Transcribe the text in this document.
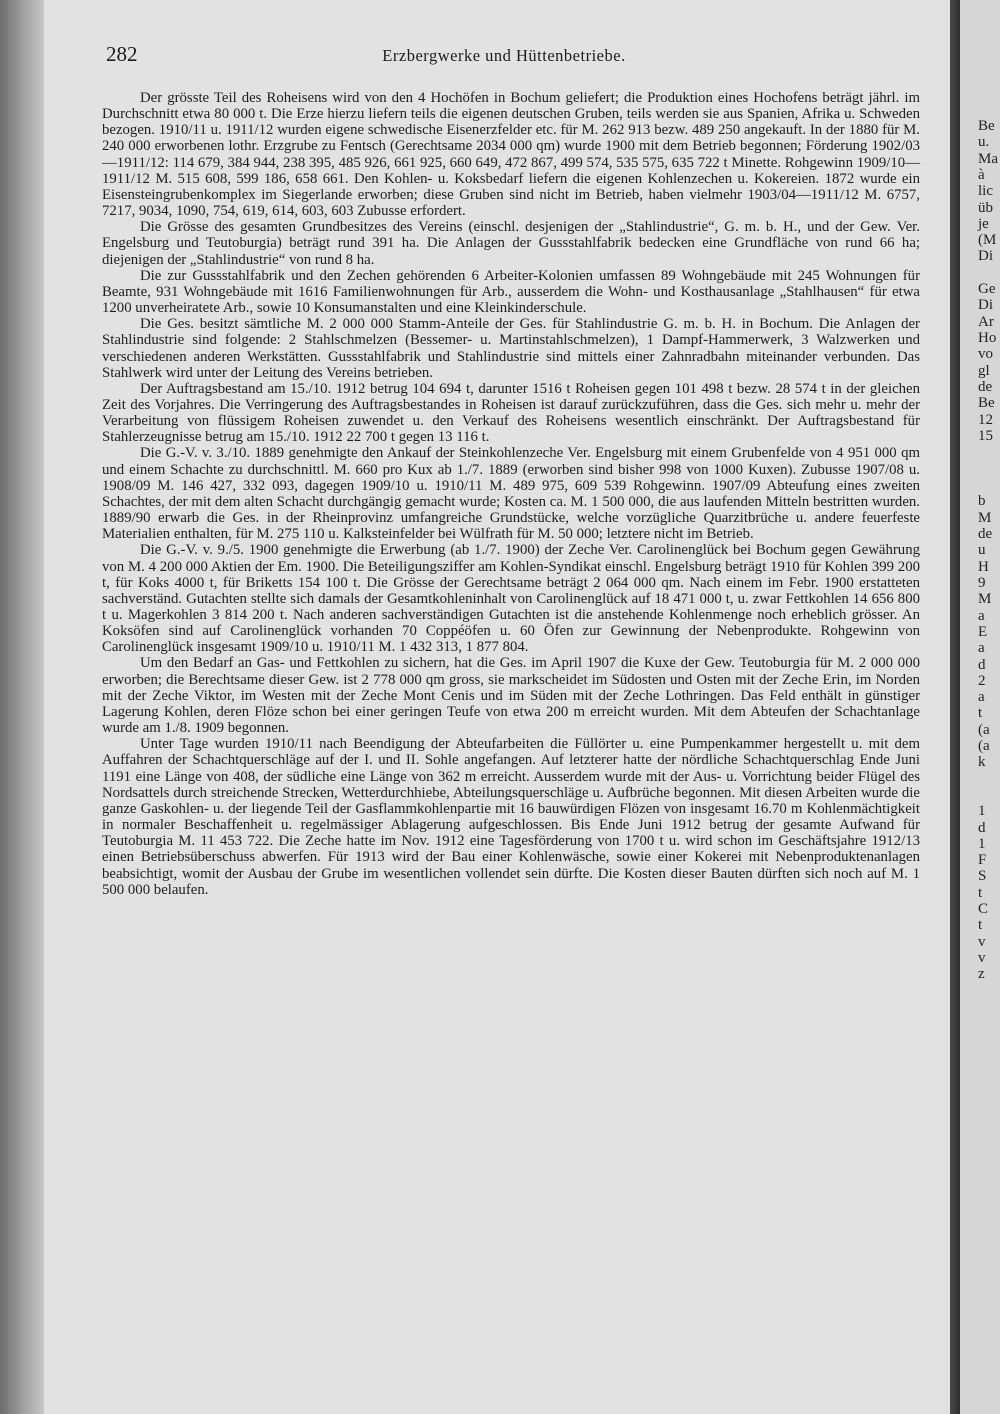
282	Erzbergwerke und Hüttenbetriebe.

Der grösste Teil des Roheisens wird von den 4 Hochöfen in Bochum geliefert; die Produktion eines Hochofens beträgt jährl. im Durchschnitt etwa 80 000 t. Die Erze hierzu liefern teils die eigenen deutschen Gruben, teils werden sie aus Spanien, Afrika u. Schweden bezogen. 1910/11 u. 1911/12 wurden eigene schwedische Eisenerzfelder etc. für M. 262 913 bezw. 489 250 angekauft. In der 1880 für M. 240 000 erworbenen lothr. Erzgrube zu Fentsch (Gerechtsame 2034 000 qm) wurde 1900 mit dem Betrieb begonnen; Förderung 1902/03—1911/12: 114 679, 384 944, 238 395, 485 926, 661 925, 660 649, 472 867, 499 574, 535 575, 635 722 t Minette. Rohgewinn 1909/10—1911/12 M. 515 608, 599 186, 658 661. Den Kohlen- u. Koksbedarf liefern die eigenen Kohlenzechen u. Kokereien. 1872 wurde ein Eisensteingrubenkomplex im Siegerlande erworben; diese Gruben sind nicht im Betrieb, haben vielmehr 1903/04—1911/12 M. 6757, 7217, 9034, 1090, 754, 619, 614, 603, 603 Zubusse erfordert.

Die Grösse des gesamten Grundbesitzes des Vereins (einschl. desjenigen der „Stahlindustrie“, G. m. b. H., und der Gew. Ver. Engelsburg und Teutoburgia) beträgt rund 391 ha. Die Anlagen der Gussstahlfabrik bedecken eine Grundfläche von rund 66 ha; diejenigen der „Stahlindustrie“ von rund 8 ha.

Die zur Gussstahlfabrik und den Zechen gehörenden 6 Arbeiter-Kolonien umfassen 89 Wohngebäude mit 245 Wohnungen für Beamte, 931 Wohngebäude mit 1616 Familienwohnungen für Arb., ausserdem die Wohn- und Kosthausanlage „Stahlhausen“ für etwa 1200 unverheiratete Arb., sowie 10 Konsumanstalten und eine Kleinkinderschule.

Die Ges. besitzt sämtliche M. 2 000 000 Stamm-Anteile der Ges. für Stahlindustrie G. m. b. H. in Bochum. Die Anlagen der Stahlindustrie sind folgende: 2 Stahlschmelzen (Bessemer- u. Martinstahlschmelzen), 1 Dampf-Hammerwerk, 3 Walzwerken und verschiedenen anderen Werkstätten. Gussstahlfabrik und Stahlindustrie sind mittels einer Zahnradbahn miteinander verbunden. Das Stahlwerk wird unter der Leitung des Vereins betrieben.

Der Auftragsbestand am 15./10. 1912 betrug 104 694 t, darunter 1516 t Roheisen gegen 101 498 t bezw. 28 574 t in der gleichen Zeit des Vorjahres. Die Verringerung des Auftragsbestandes in Roheisen ist darauf zurückzuführen, dass die Ges. sich mehr u. mehr der Verarbeitung von flüssigem Roheisen zuwendet u. den Verkauf des Roheisens wesentlich einschränkt. Der Auftragsbestand für Stahlerzeugnisse betrug am 15./10. 1912 22 700 t gegen 13 116 t.

Die G.-V. v. 3./10. 1889 genehmigte den Ankauf der Steinkohlenzeche Ver. Engelsburg mit einem Grubenfelde von 4 951 000 qm und einem Schachte zu durchschnittl. M. 660 pro Kux ab 1./7. 1889 (erworben sind bisher 998 von 1000 Kuxen). Zubusse 1907/08 u. 1908/09 M. 146 427, 332 093, dagegen 1909/10 u. 1910/11 M. 489 975, 609 539 Rohgewinn. 1907/09 Abteufung eines zweiten Schachtes, der mit dem alten Schacht durchgängig gemacht wurde; Kosten ca. M. 1 500 000, die aus laufenden Mitteln bestritten wurden. 1889/90 erwarb die Ges. in der Rheinprovinz umfangreiche Grundstücke, welche vorzügliche Quarzitbrüche u. andere feuerfeste Materialien enthalten, für M. 275 110 u. Kalksteinfelder bei Wülfrath für M. 50 000; letztere nicht im Betrieb.

Die G.-V. v. 9./5. 1900 genehmigte die Erwerbung (ab 1./7. 1900) der Zeche Ver. Carolinenglück bei Bochum gegen Gewährung von M. 4 200 000 Aktien der Em. 1900. Die Beteiligungsziffer am Kohlen-Syndikat einschl. Engelsburg beträgt 1910 für Kohlen 399 200 t, für Koks 4000 t, für Briketts 154 100 t. Die Grösse der Gerechtsame beträgt 2 064 000 qm. Nach einem im Febr. 1900 erstatteten sachverständ. Gutachten stellte sich damals der Gesamtkohleninhalt von Carolinenglück auf 18 471 000 t, u. zwar Fettkohlen 14 656 800 t u. Magerkohlen 3 814 200 t. Nach anderen sachverständigen Gutachten ist die anstehende Kohlenmenge noch erheblich grösser. An Koksöfen sind auf Carolinenglück vorhanden 70 Coppéöfen u. 60 Öfen zur Gewinnung der Nebenprodukte. Rohgewinn von Carolinenglück insgesamt 1909/10 u. 1910/11 M. 1 432 313, 1 877 804.

Um den Bedarf an Gas- und Fettkohlen zu sichern, hat die Ges. im April 1907 die Kuxe der Gew. Teutoburgia für M. 2 000 000 erworben; die Berechtsame dieser Gew. ist 2 778 000 qm gross, sie markscheidet im Südosten und Osten mit der Zeche Erin, im Norden mit der Zeche Viktor, im Westen mit der Zeche Mont Cenis und im Süden mit der Zeche Lothringen. Das Feld enthält in günstiger Lagerung Kohlen, deren Flöze schon bei einer geringen Teufe von etwa 200 m erreicht wurden. Mit dem Abteufen der Schachtanlage wurde am 1./8. 1909 begonnen.

Unter Tage wurden 1910/11 nach Beendigung der Abteufarbeiten die Füllörter u. eine Pumpenkammer hergestellt u. mit dem Auffahren der Schachtquerschläge auf der I. und II. Sohle angefangen. Auf letzterer hatte der nördliche Schachtquerschlag Ende Juni 1191 eine Länge von 408, der südliche eine Länge von 362 m erreicht. Ausserdem wurde mit der Aus- u. Vorrichtung beider Flügel des Nordsattels durch streichende Strecken, Wetterdurchhiebe, Abteilungsquerschläge u. Aufbrüche begonnen. Mit diesen Arbeiten wurde die ganze Gaskohlen- u. der liegende Teil der Gasflammkohlenpartie mit 16 bauwürdigen Flözen von insgesamt 16.70 m Kohlenmächtigkeit in normaler Beschaffenheit u. regelmässiger Ablagerung aufgeschlossen. Bis Ende Juni 1912 betrug der gesamte Aufwand für Teutoburgia M. 11 453 722. Die Zeche hatte im Nov. 1912 eine Tagesförderung von 1700 t u. wird schon im Geschäftsjahre 1912/13 einen Betriebsüberschuss abwerfen. Für 1913 wird der Bau einer Kohlenwäsche, sowie einer Kokerei mit Nebenproduktenanlagen beabsichtigt, womit der Ausbau der Grube im wesentlichen vollendet sein dürfte. Die Kosten dieser Bauten dürften sich noch auf M. 1 500 000 belaufen.

Be
u.
Ma
à
lic
üb
je
(M
Di
Ge
Di
Ar
Ho
vo
gl
de
Be
12
15
b
M
de
u
H
9
M
a
E
a
d
2
a
t
(a
(a
k
1
d
1
F
S
t
C
t
v
v
z
